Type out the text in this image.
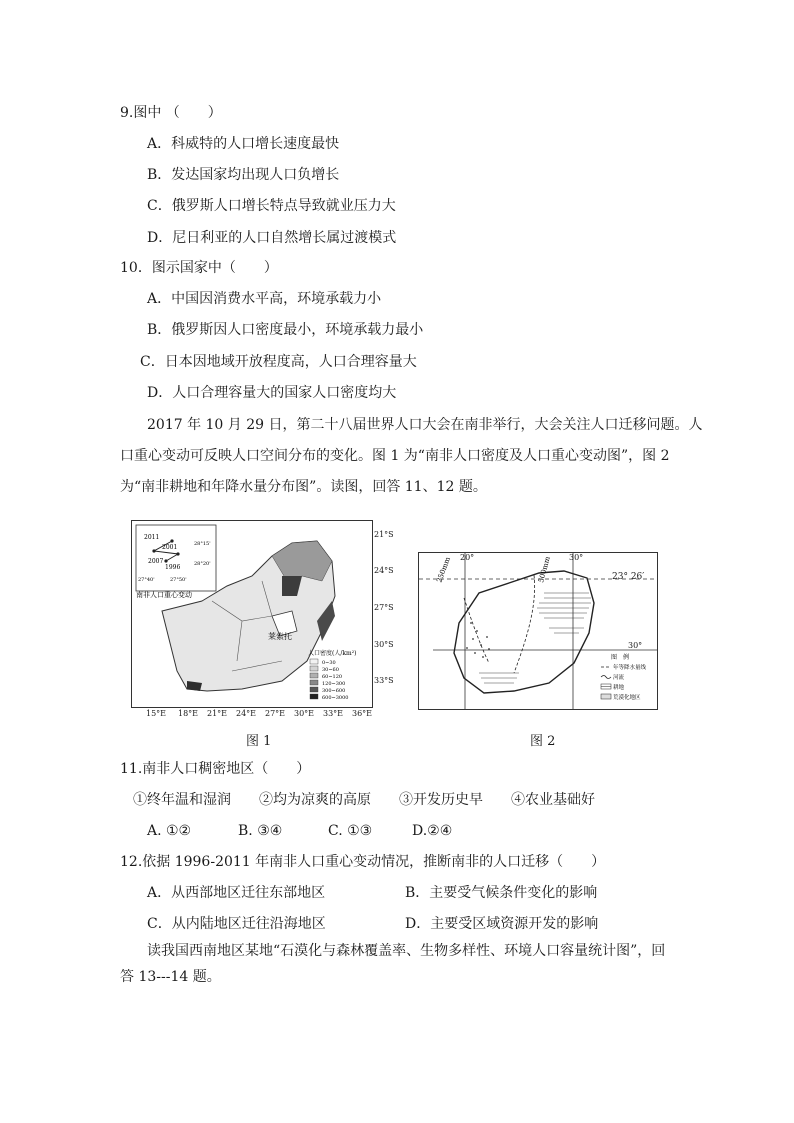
9.图中 （　　）
A．科威特的人口增长速度最快
B．发达国家均出现人口负增长
C．俄罗斯人口增长特点导致就业压力大
D．尼日利亚的人口自然增长属过渡模式
10．图示国家中（　　）
A．中国因消费水平高，环境承载力小
B．俄罗斯因人口密度最小，环境承载力最小
C．日本因地域开放程度高，人口合理容量大
D．人口合理容量大的国家人口密度均大
2017 年 10 月 29 日，第二十八届世界人口大会在南非举行，大会关注人口迁移问题。人
口重心变动可反映人口空间分布的变化。图 1 为“南非人口密度及人口重心变动图”，图 2
为“南非耕地和年降水量分布图”。读图，回答 11、12 题。
莱索托
2011
2001
2007
1996
28°15'
28°20'
27°40'	27°50'
南非人口重心变动
人口密度(人/km²)
0~30
30~60
60~120
120~300
300~600
600~3000
21°S
24°S
27°S
30°S
33°S
15°E 18°E 21°E 24°E 27°E 30°E 33°E 36°E
图 1
250mm	500mm
图　例
年等降水量线
河流
耕地
荒漠化地区
20°	30°
23° 26′
30°
图 2
11.南非人口稠密地区（　　）
①终年温和湿润　　②均为凉爽的高原　　③开发历史早　　④农业基础好
A. ①②	B. ③④	C. ①③	D.②④
12.依据 1996-2011 年南非人口重心变动情况，推断南非的人口迁移（　　）
A．从西部地区迁往东部地区	B．主要受气候条件变化的影响
C．从内陆地区迁往沿海地区	D．主要受区域资源开发的影响
读我国西南地区某地“石漠化与森林覆盖率、生物多样性、环境人口容量统计图”，回
答 13---14 题。
